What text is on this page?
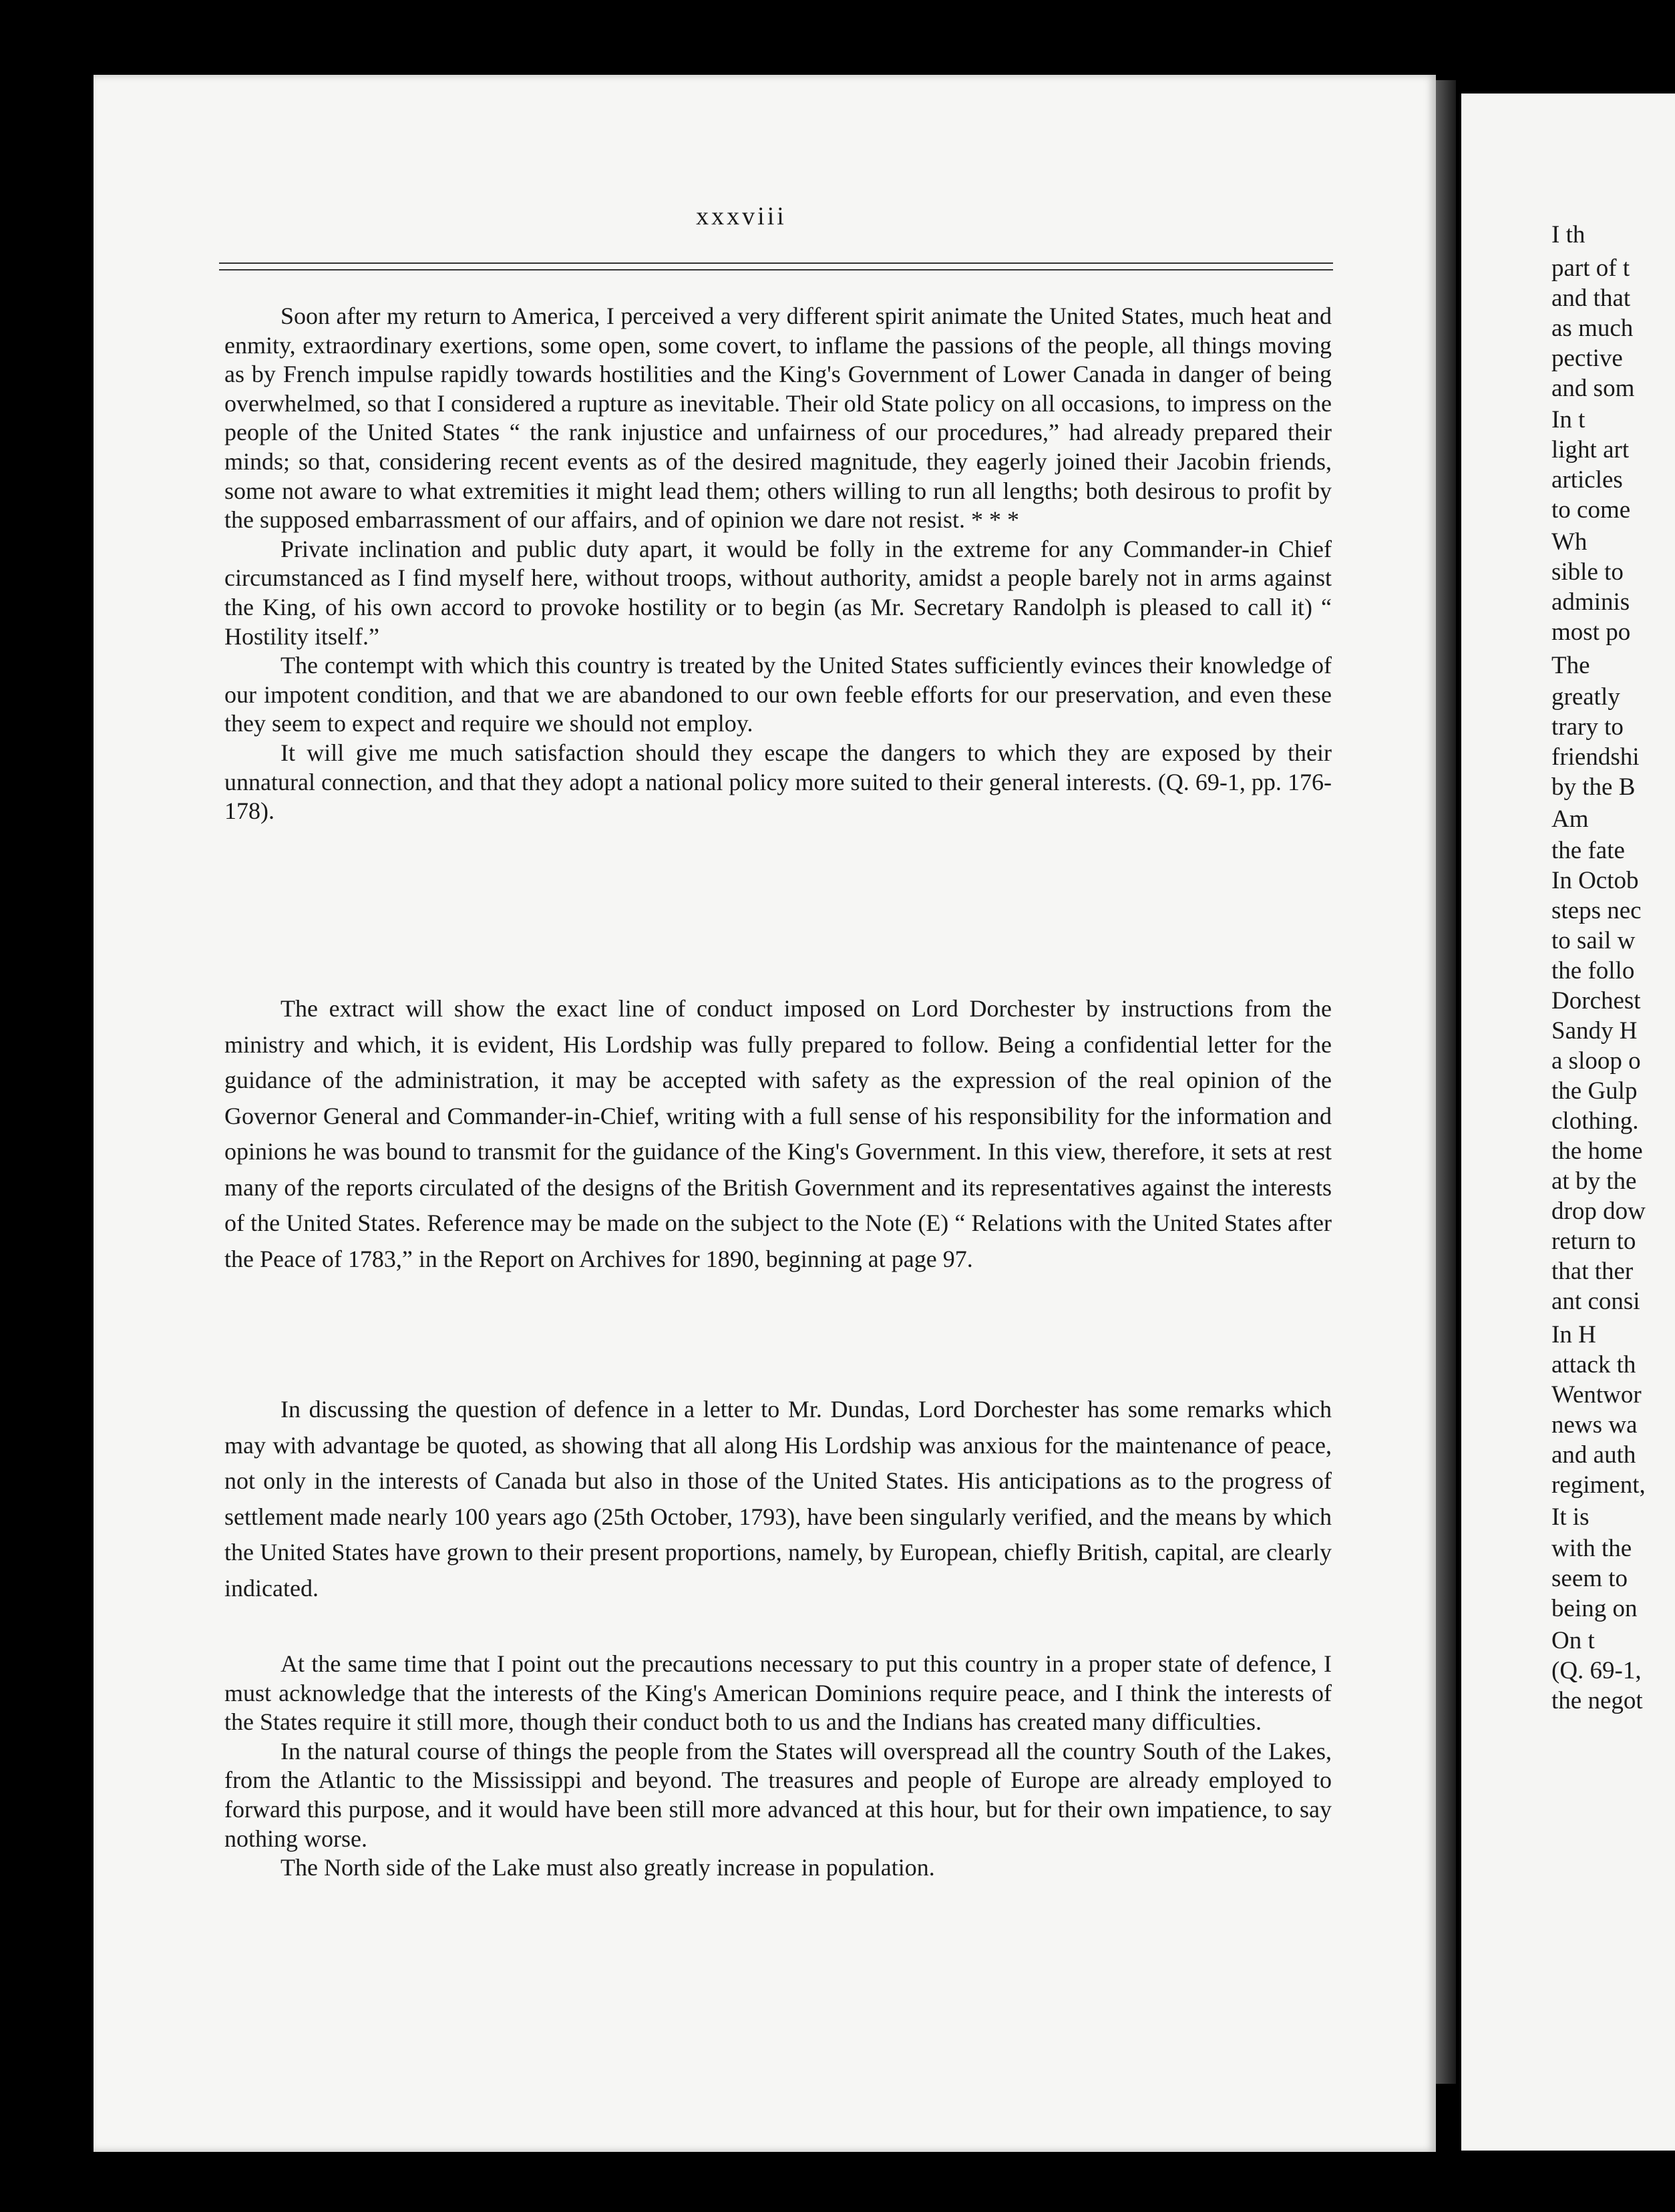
xxxviii

Soon after my return to America, I perceived a very different spirit animate the United States, much heat and enmity, extraordinary exertions, some open, some covert, to inflame the passions of the people, all things moving as by French impulse rapidly towards hostilities and the King's Government of Lower Canada in danger of being overwhelmed, so that I considered a rupture as inevitable. Their old State policy on all occasions, to impress on the people of the United States “ the rank injustice and unfairness of our procedures,” had already prepared their minds; so that, considering recent events as of the desired magnitude, they eagerly joined their Jacobin friends, some not aware to what extremities it might lead them; others willing to run all lengths; both desirous to profit by the supposed embarrassment of our affairs, and of opinion we dare not resist. * * *

Private inclination and public duty apart, it would be folly in the extreme for any Commander-in Chief circumstanced as I find myself here, without troops, without authority, amidst a people barely not in arms against the King, of his own accord to provoke hostility or to begin (as Mr. Secretary Randolph is pleased to call it) “ Hostility itself.”

The contempt with which this country is treated by the United States sufficiently evinces their knowledge of our impotent condition, and that we are abandoned to our own feeble efforts for our preservation, and even these they seem to expect and require we should not employ.

It will give me much satisfaction should they escape the dangers to which they are exposed by their unnatural connection, and that they adopt a national policy more suited to their general interests. (Q. 69-1, pp. 176-178).

The extract will show the exact line of conduct imposed on Lord Dorchester by instructions from the ministry and which, it is evident, His Lordship was fully prepared to follow. Being a confidential letter for the guidance of the administration, it may be accepted with safety as the expression of the real opinion of the Governor General and Commander-in-Chief, writing with a full sense of his responsibility for the information and opinions he was bound to transmit for the guidance of the King's Government. In this view, therefore, it sets at rest many of the reports circulated of the designs of the British Government and its representatives against the interests of the United States. Reference may be made on the subject to the Note (E) “ Relations with the United States after the Peace of 1783,” in the Report on Archives for 1890, beginning at page 97.

In discussing the question of defence in a letter to Mr. Dundas, Lord Dorchester has some remarks which may with advantage be quoted, as showing that all along His Lordship was anxious for the maintenance of peace, not only in the interests of Canada but also in those of the United States. His anticipations as to the progress of settlement made nearly 100 years ago (25th October, 1793), have been singularly verified, and the means by which the United States have grown to their present proportions, namely, by European, chiefly British, capital, are clearly indicated.

At the same time that I point out the precautions necessary to put this country in a proper state of defence, I must acknowledge that the interests of the King's American Dominions require peace, and I think the interests of the States require it still more, though their conduct both to us and the Indians has created many difficulties.

In the natural course of things the people from the States will overspread all the country South of the Lakes, from the Atlantic to the Mississippi and beyond. The treasures and people of Europe are already employed to forward this purpose, and it would have been still more advanced at this hour, but for their own impatience, to say nothing worse.

The North side of the Lake must also greatly increase in population.

I th
part of t
and that
as much
pective
and som
In t
light art
articles
to come
Wh
sible to
adminis
most po
The
greatly
trary to
friendshi
by the B
Am
the fate
In Octob
steps nec
to sail w
the follo
Dorchest
Sandy H
a sloop o
the Gulp
clothing.
the home
at by the
drop dow
return to
that ther
ant consi
In H
attack th
Wentwor
news wa
and auth
regiment,
It is
with the
seem to
being on
On t
(Q. 69-1,
the negot
